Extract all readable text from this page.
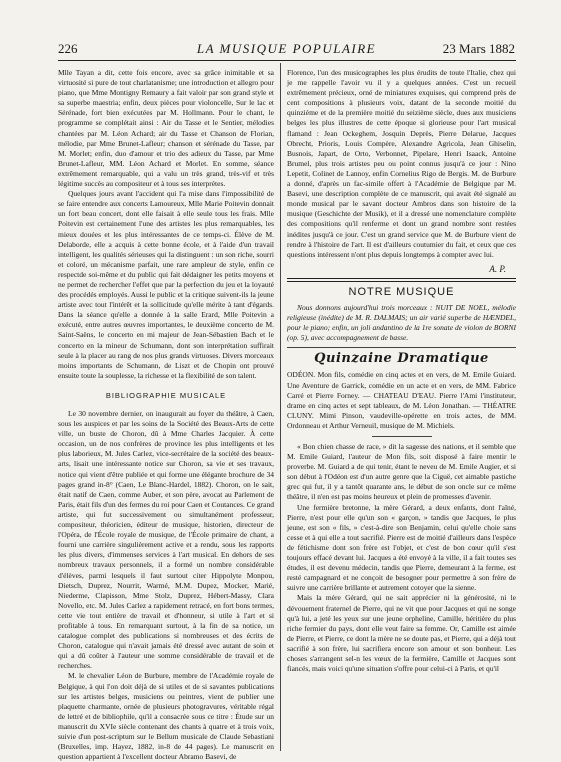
226	LA MUSIQUE POPULAIRE	23 Mars 1882

Mlle Tayan a dit, cette fois encore, avec sa grâce inimitable et sa virtuosité si pure de tout charlatanisme; une introduction et allegro pour piano, que Mme Montigny Remaury a fait valoir par son grand style et sa superbe maestria; enfin, deux pièces pour violoncelle, Sur le lac et Sérénade, fort bien exécutées par M. Hollmann. Pour le chant, le programme se complétait ainsi : Air du Tasse et le Sentier, mélodies chantées par M. Léon Achard; air du Tasse et Chanson de Florian, mélodie, par Mme Brunet-Lafleur; chanson et sérénade du Tasse, par M. Morlet; enfin, duo d'amour et trio des adieux du Tasse, par Mme Brunet-Lafleur, MM. Léon Achard et Morlet. En somme, séance extrêmement remarquable, qui a valu un très grand, très-vif et très légitime succès au compositeur et à tous ses interprètes.

Quelques jours avant l'accident qui l'a mise dans l'impossibilité de se faire entendre aux concerts Lamoureux, Mlle Marie Poitevin donnait un fort beau concert, dont elle faisait à elle seule tous les frais. Mlle Poitevin est certainement l'une des artistes les plus remarquables, les mieux douées et les plus intéressantes de ce temps-ci. Élève de M. Delaborde, elle a acquis à cette bonne école, et à l'aide d'un travail intelligent, les qualités sérieuses qui la distinguent : un son riche, sourri et coloré, un mécanisme parfait, une rare ampleur de style, enfin ce respectde soi-même et du public qui fait dédaigner les petits moyens et ne permet de rechercher l'effet que par la perfection du jeu et la loyauté des procédés employés. Aussi le public et la critique suivent-ils la jeune artiste avec tout l'intérêt et la sollicitude qu'elle mérite à tant d'égards. Dans la séance qu'elle a donnée à la salle Erard, Mlle Poitevin a exécuté, entre autres œuvres importantes, le deuxième concerto de M. Saint-Saëns, le concerto en mi majeur de Jean-Sébastien Bach et le concerto en la mineur de Schumann, dont son interprétation suffirait seule à la placer au rang de nos plus grands virtuoses. Divers morceaux moins importants de Schumann, de Liszt et de Chopin ont prouvé ensuite toute la souplesse, la richesse et la flexibilité de son talent.

BIBLIOGRAPHIE MUSICALE

Le 30 novembre dernier, on inaugurait au foyer du théâtre, à Caen, sous les auspices et par les soins de la Société des Beaux-Arts de cette ville, un buste de Choron, dû à Mme Charles Jacquier. À cette occasion, un de nos confrères de province les plus intelligents et les plus laborieux, M. Jules Carlez, vice-secrétaire de la société des beaux-arts, lisait une intéressante notice sur Choron, sa vie et ses travaux, notice qui vient d'être publiée et qui forme une élégante brochure de 34 pages grand in-8° (Caen, Le Blanc-Hardel, 1882). Choron, on le sait, était natif de Caen, comme Auber, et son père, avocat au Parlement de Paris, était fils d'un des fermes du roi pour Caen et Coutances. Ce grand artiste, qui fut successivement ou simultanément professeur, compositeur, théoricien, éditeur de musique, historien, directeur de l'Opéra, de l'École royale de musique, de l'École primaire de chant, a fourni une carrière singulièrement active et a rendu, sous les rapports les plus divers, d'immenses services à l'art musical. En dehors de ses nombreux travaux personnels, il a formé un nombre considérable d'élèves, parmi lesquels il faut surtout citer Hippolyte Monpou, Dietsch, Duprez, Nourrit, Warmé, M.M. Dupez, Mocker, Marié, Niederme, Clapisson, Mme Stolz, Duprez, Hébert-Massy, Clara Novello, etc. M. Jules Carlez a rapidement retracé, en fort bons termes, cette vie tout entière de travail et d'honneur, si utile à l'art et si profitable à tous. En remarquant surtout, à la fin de sa notice, un catalogue complet des publications si nombreuses et des écrits de Choron, catalogue qui n'avait jamais été dressé avec autant de soin et qui a dû coûter à l'auteur une somme considérable de travail et de recherches.

M. le chevalier Léon de Burbure, membre de l'Académie royale de Belgique, à qui l'on doit déjà de si utiles et de si savantes publications sur les artistes belges, musiciens ou peintres, vient de publier une plaquette charmante, ornée de plusieurs photogravures, véritable régal de lettré et de bibliophile, qu'il a consacrée sous ce titre : Étude sur un manuscrit du XVIe siècle contenant des chants à quatre et à trois voix, suivie d'un post-scriptum sur le Bellum musicale de Claude Sebastiani (Bruxelles, imp. Hayez, 1882, in-8 de 44 pages). Le manuscrit en question appartient à l'excellent docteur Abramo Basevi, de

Florence, l'un des musicographes les plus érudits de toute l'Italie, chez qui je me rappelle l'avoir vu il y a quelques années. C'est un recueil extrêmement précieux, orné de miniatures exquises, qui comprend près de cent compositions à plusieurs voix, datant de la seconde moitié du quinzième et de la première moitié du seizième siècle, dues aux musiciens belges les plus illustres de cette époque si glorieuse pour l'art musical flamand : Jean Ockeghem, Josquin Deprès, Pierre Delarue, Jacques Obrecht, Prioris, Louis Compère, Alexandre Agricola, Jean Ghiselin, Busnois, Japart, de Orto, Verbonnet, Pipelare, Henri Isaack, Antoine Brumel, plus trois artistes peu ou point connus jusqu'à ce jour : Nino Lepetit, Colinet de Lannoy, enfin Cornelius Rigo de Bergis. M. de Burbure a donné, d'après un fac-simile offert à l'Académie de Belgique par M. Basevi, une description complète de ce manuscrit, qui avait été signalé au monde musical par le savant docteur Ambros dans son histoire de la musique (Geschichte der Musik), et il a dressé une nomenclature complète des compositions qu'il renferme et dont un grand nombre sont restées inédites jusqu'à ce jour. C'est un grand service que M. de Burbure vient de rendre à l'histoire de l'art. Il est d'ailleurs coutumier du fait, et ceux que ces questions intéressent n'ont plus depuis longtemps à compter avec lui.

A. P.
NOTRE MUSIQUE

Nous donnons aujourd'hui trois morceaux : NUIT DE NOEL, mélodie religieuse (inédite) de M. R. DALMAIS; un air varié superbe de HÆNDEL, pour le piano; enfin, un joli andantino de la 1re sonate de violon de BORNI (op. 5), avec accompagnement de basse.

Quinzaine Dramatique

ODÉON. Mon fils, comédie en cinq actes et en vers, de M. Emile Guiard. Une Aventure de Garrick, comédie en un acte et en vers, de MM. Fabrice Carré et Pierre Forney. — CHATEAU D'EAU. Pierre l'Ami l'instituteur, drame en cinq actes et sept tableaux, de M. Léon Jonathan. — THÉATRE CLUNY. Mimi Pinson, vaudeville-opérette en trois actes, de MM. Ordonneau et Arthur Verneuil, musique de M. Michiels.

« Bon chien chasse de race, » dit la sagesse des nations, et il semble que M. Emile Guiard, l'auteur de Mon fils, soit disposé à faire mentir le proverbe. M. Guiard a de qui tenir, étant le neveu de M. Emile Augier, et si son début à l'Odéon est d'un autre genre que la Ciguë, cet aimable pastiche grec qui fut, il y a tantôt quarante ans, le début de son oncle sur ce même théâtre, il n'en est pas moins heureux et plein de promesses d'avenir.

Une fermière bretonne, la mère Gérard, a deux enfants, dont l'aîné, Pierre, n'est pour elle qu'un son « garçon, » tandis que Jacques, le plus jeune, est son « fils, » c'est-à-dire son Benjamin, celui qu'elle choie sans cesse et à qui elle a tout sacrifié. Pierre est de moitié d'ailleurs dans l'espèce de fétichisme dont son frère est l'objet, et c'est de bon cœur qu'il s'est toujours effacé devant lui. Jacques a été envoyé à la ville, il a fait toutes ses études, il est devenu médecin, tandis que Pierre, demeurant à la ferme, est resté campagnard et ne conçoit de besogner pour permettre à son frère de suivre une carrière brillante et autrement cotoyer que la sienne.

Mais la mère Gérard, qui ne sait apprécier ni la générosité, ni le dévouement fraternel de Pierre, qui ne vit que pour Jacques et qui ne songe qu'à lui, a jeté les yeux sur une jeune orpheline, Camille, héritière du plus riche fermier du pays, dont elle veut faire sa femme. Or, Camille est aimée de Pierre, et Pierre, ce dont la mère ne se doute pas, et Pierre, qui a déjà tout sacrifié à son frère, lui sacrifiera encore son amour et son bonheur. Les choses s'arrangent sel-n les vœux de la fermière, Camille et Jacques sont fiancés, mais voici qu'une situation s'offre pour celui-ci à Paris, et qu'il
